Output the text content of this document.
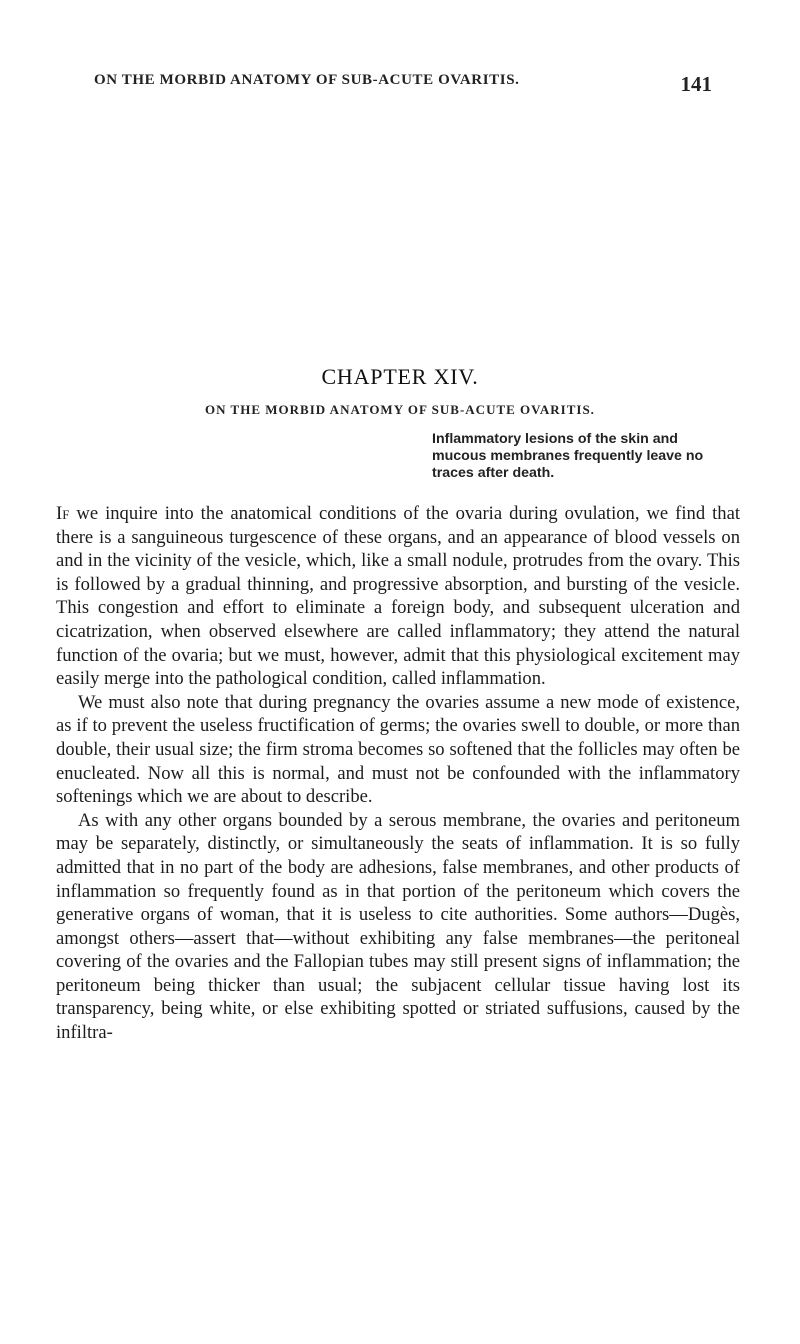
ON THE MORBID ANATOMY OF SUB-ACUTE OVARITIS.	141
CHAPTER XIV.
ON THE MORBID ANATOMY OF SUB-ACUTE OVARITIS.
Inflammatory lesions of the skin and mucous membranes frequently leave no traces after death.

If we inquire into the anatomical conditions of the ovaria during ovulation, we find that there is a sanguineous turgescence of these organs, and an appearance of blood vessels on and in the vicinity of the vesicle, which, like a small nodule, protrudes from the ovary. This is followed by a gradual thinning, and progressive absorption, and bursting of the vesicle. This congestion and effort to eliminate a foreign body, and subsequent ulceration and cicatrization, when observed elsewhere are called inflammatory; they attend the natural function of the ovaria; but we must, however, admit that this physiological excitement may easily merge into the pathological condition, called inflammation.

We must also note that during pregnancy the ovaries assume a new mode of existence, as if to prevent the useless fructification of germs; the ovaries swell to double, or more than double, their usual size; the firm stroma becomes so softened that the follicles may often be enucleated. Now all this is normal, and must not be confounded with the inflammatory softenings which we are about to describe.

As with any other organs bounded by a serous membrane, the ovaries and peritoneum may be separately, distinctly, or simultaneously the seats of inflammation. It is so fully admitted that in no part of the body are adhesions, false membranes, and other products of inflammation so frequently found as in that portion of the peritoneum which covers the generative organs of woman, that it is useless to cite authorities. Some authors—Dugès, amongst others—assert that—without exhibiting any false membranes—the peritoneal covering of the ovaries and the Fallopian tubes may still present signs of inflammation; the peritoneum being thicker than usual; the subjacent cellular tissue having lost its transparency, being white, or else exhibiting spotted or striated suffusions, caused by the infiltra-
